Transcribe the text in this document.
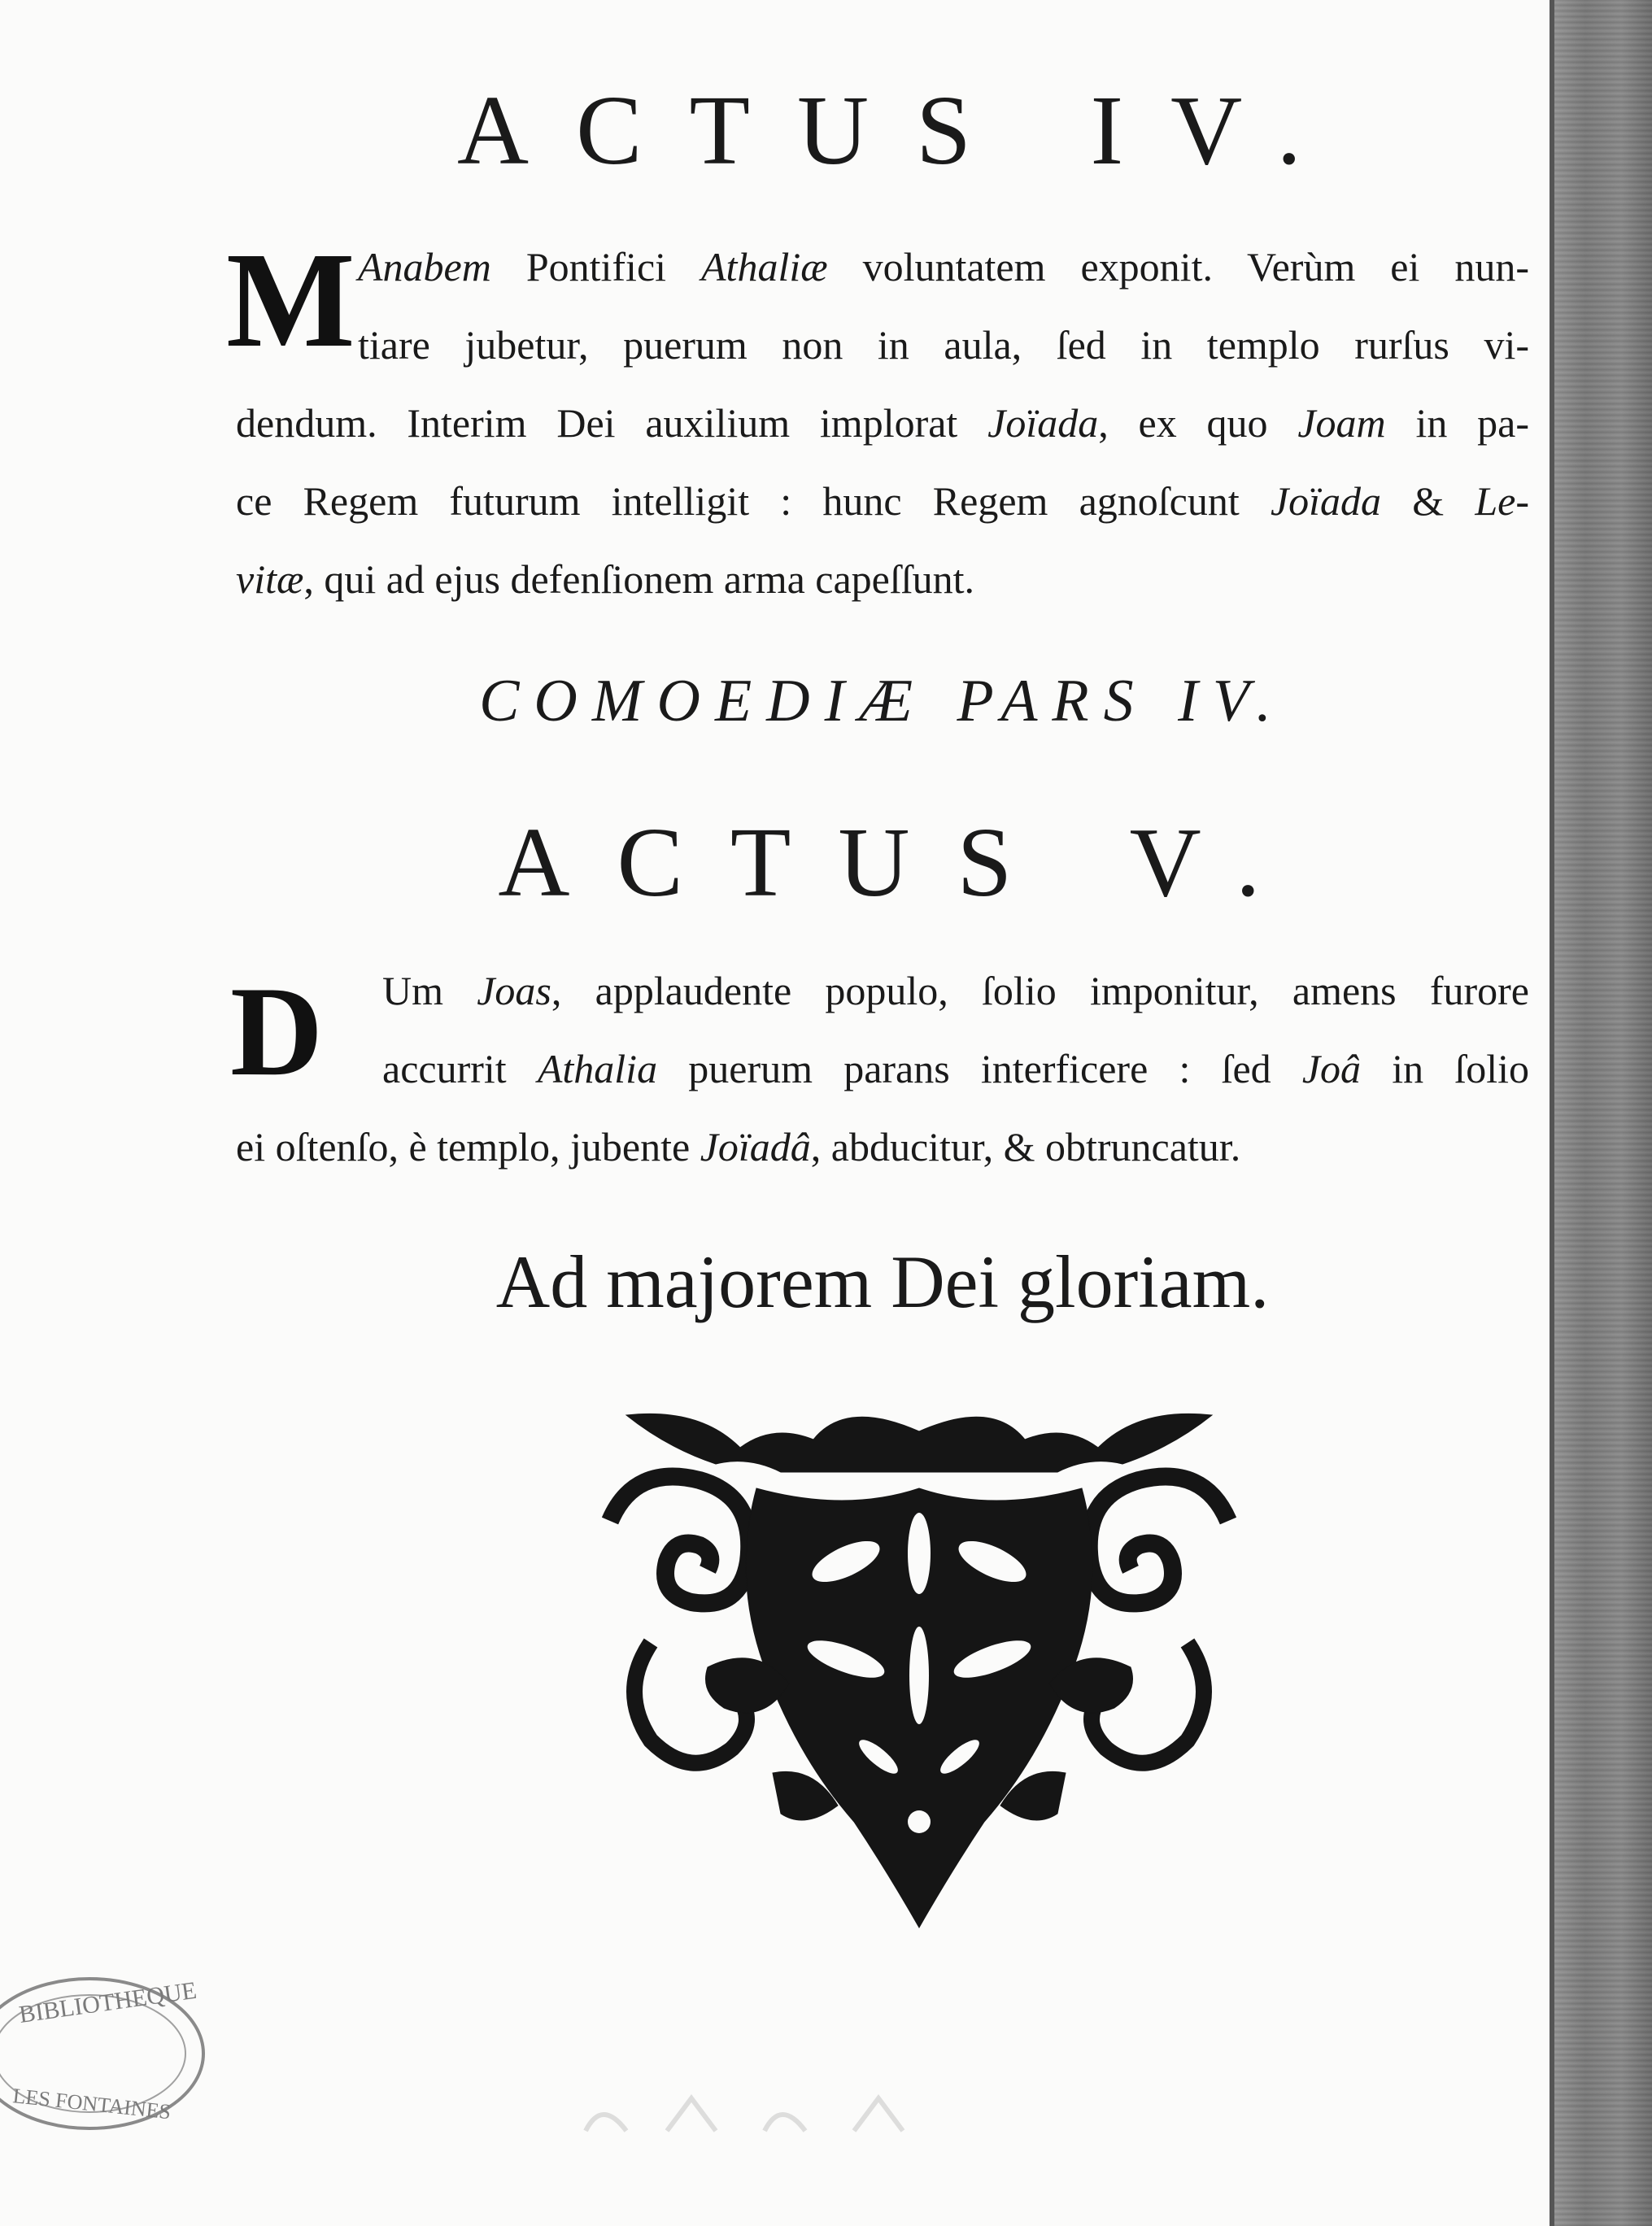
ACTUS IV.
M Anabem Pontifici Athaliæ voluntatem exponit. Verùm ei nun-
tiare jubetur, puerum non in aula, ſed in templo rurſus vi-
dendum. Interim Dei auxilium implorat Joïada, ex quo Joam in pa-
ce Regem futurum intelligit : hunc Regem agnoſcunt Joïada & Le-
vitæ, qui ad ejus defenſionem arma capeſſunt.
COMOEDIÆ PARS IV.
ACTUS V.
D Um Joas, applaudente populo, ſolio imponitur, amens furore
accurrit Athalia puerum parans interficere : ſed Joâ in ſolio
ei oſtenſo, è templo, jubente Joïadâ, abducitur, & obtruncatur.
Ad majorem Dei gloriam.
BIBLIOTHEQUE
LES FONTAINES
